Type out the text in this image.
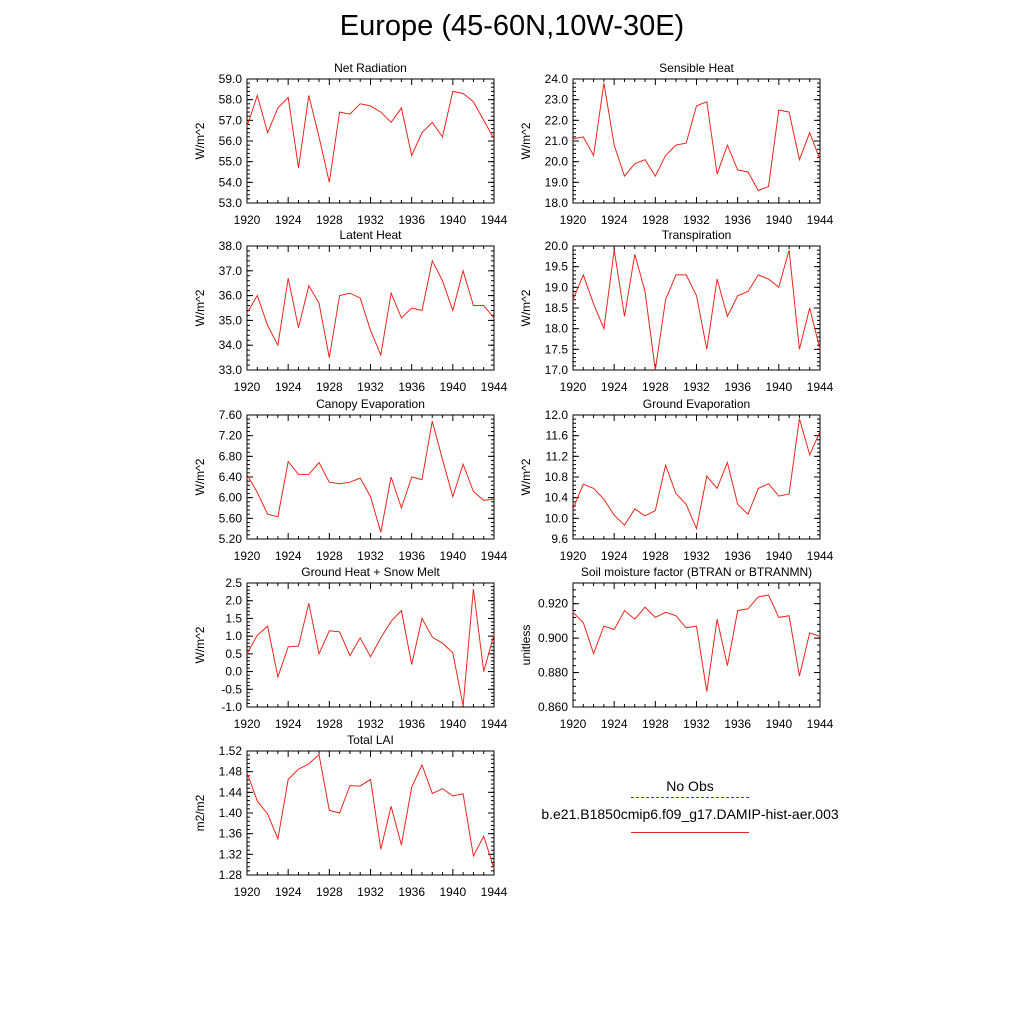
Europe (45-60N,10W-30E)
Net Radiation
W/m^2
53.0
54.0
55.0
56.0
57.0
58.0
59.0
1920 1924 1928 1932 1936 1940 1944
Sensible Heat
W/m^2
18.0
19.0
20.0
21.0
22.0
23.0
24.0
1920 1924 1928 1932 1936 1940 1944
Latent Heat
W/m^2
33.0
34.0
35.0
36.0
37.0
38.0
1920 1924 1928 1932 1936 1940 1944
Transpiration
W/m^2
17.0
17.5
18.0
18.5
19.0
19.5
20.0
1920 1924 1928 1932 1936 1940 1944
Canopy Evaporation
W/m^2
5.20
5.60
6.00
6.40
6.80
7.20
7.60
1920 1924 1928 1932 1936 1940 1944
Ground Evaporation
W/m^2
9.6
10.0
10.4
10.8
11.2
11.6
12.0
1920 1924 1928 1932 1936 1940 1944
Ground Heat + Snow Melt
W/m^2
-1.0
-0.5
0.0
0.5
1.0
1.5
2.0
2.5
1920 1924 1928 1932 1936 1940 1944
Soil moisture factor (BTRAN or BTRANMN)
unitless
0.860
0.880
0.900
0.920
1920 1924 1928 1932 1936 1940 1944
Total LAI
m2/m2
1.28
1.32
1.36
1.40
1.44
1.48
1.52
1920 1924 1928 1932 1936 1940 1944
No Obs
b.e21.B1850cmip6.f09_g17.DAMIP-hist-aer.003
